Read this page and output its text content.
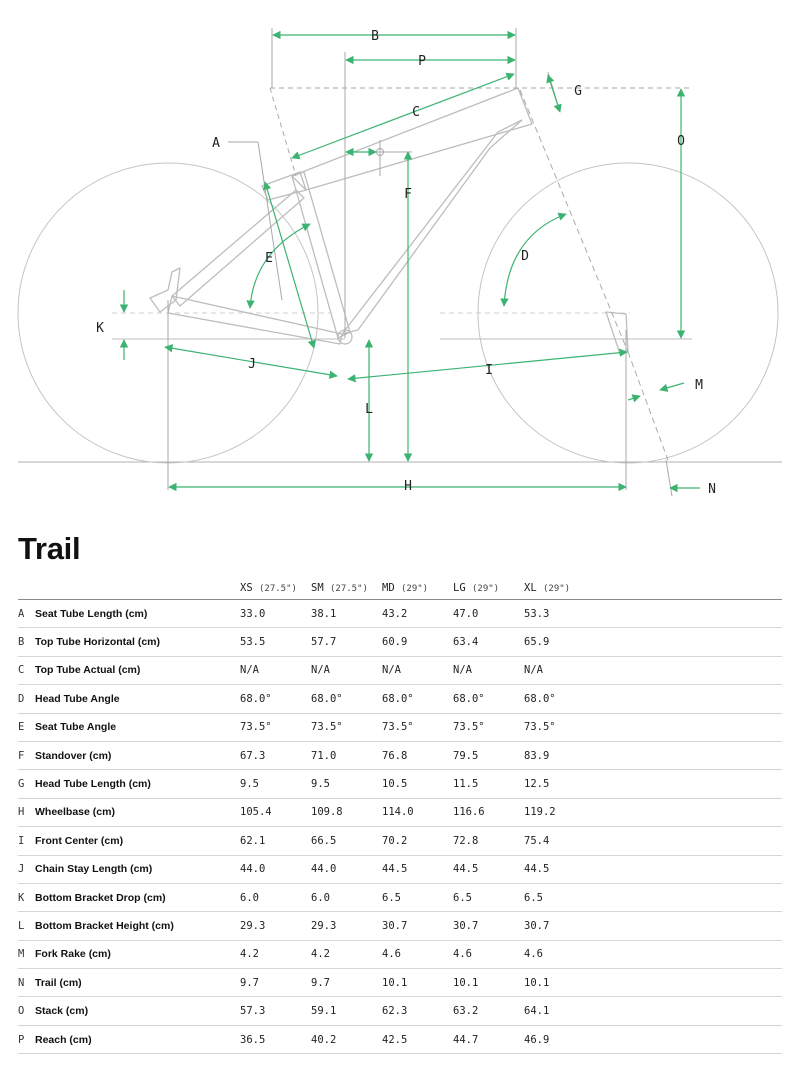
B
P
G
C
O
A
F
E	D
K
J	I
M
L
H	N
Trail
		XS (27.5")	SM (27.5")	MD (29")	LG (29")	XL (29")	
A	Seat Tube Length (cm)	33.0	38.1	43.2	47.0	53.3	
B	Top Tube Horizontal (cm)	53.5	57.7	60.9	63.4	65.9	
C	Top Tube Actual (cm)	N/A	N/A	N/A	N/A	N/A	
D	Head Tube Angle	68.0°	68.0°	68.0°	68.0°	68.0°	
E	Seat Tube Angle	73.5°	73.5°	73.5°	73.5°	73.5°	
F	Standover (cm)	67.3	71.0	76.8	79.5	83.9	
G	Head Tube Length (cm)	9.5	9.5	10.5	11.5	12.5	
H	Wheelbase (cm)	105.4	109.8	114.0	116.6	119.2	
I	Front Center (cm)	62.1	66.5	70.2	72.8	75.4	
J	Chain Stay Length (cm)	44.0	44.0	44.5	44.5	44.5	
K	Bottom Bracket Drop (cm)	6.0	6.0	6.5	6.5	6.5	
L	Bottom Bracket Height (cm)	29.3	29.3	30.7	30.7	30.7	
M	Fork Rake (cm)	4.2	4.2	4.6	4.6	4.6	
N	Trail (cm)	9.7	9.7	10.1	10.1	10.1	
O	Stack (cm)	57.3	59.1	62.3	63.2	64.1	
P	Reach (cm)	36.5	40.2	42.5	44.7	46.9	
